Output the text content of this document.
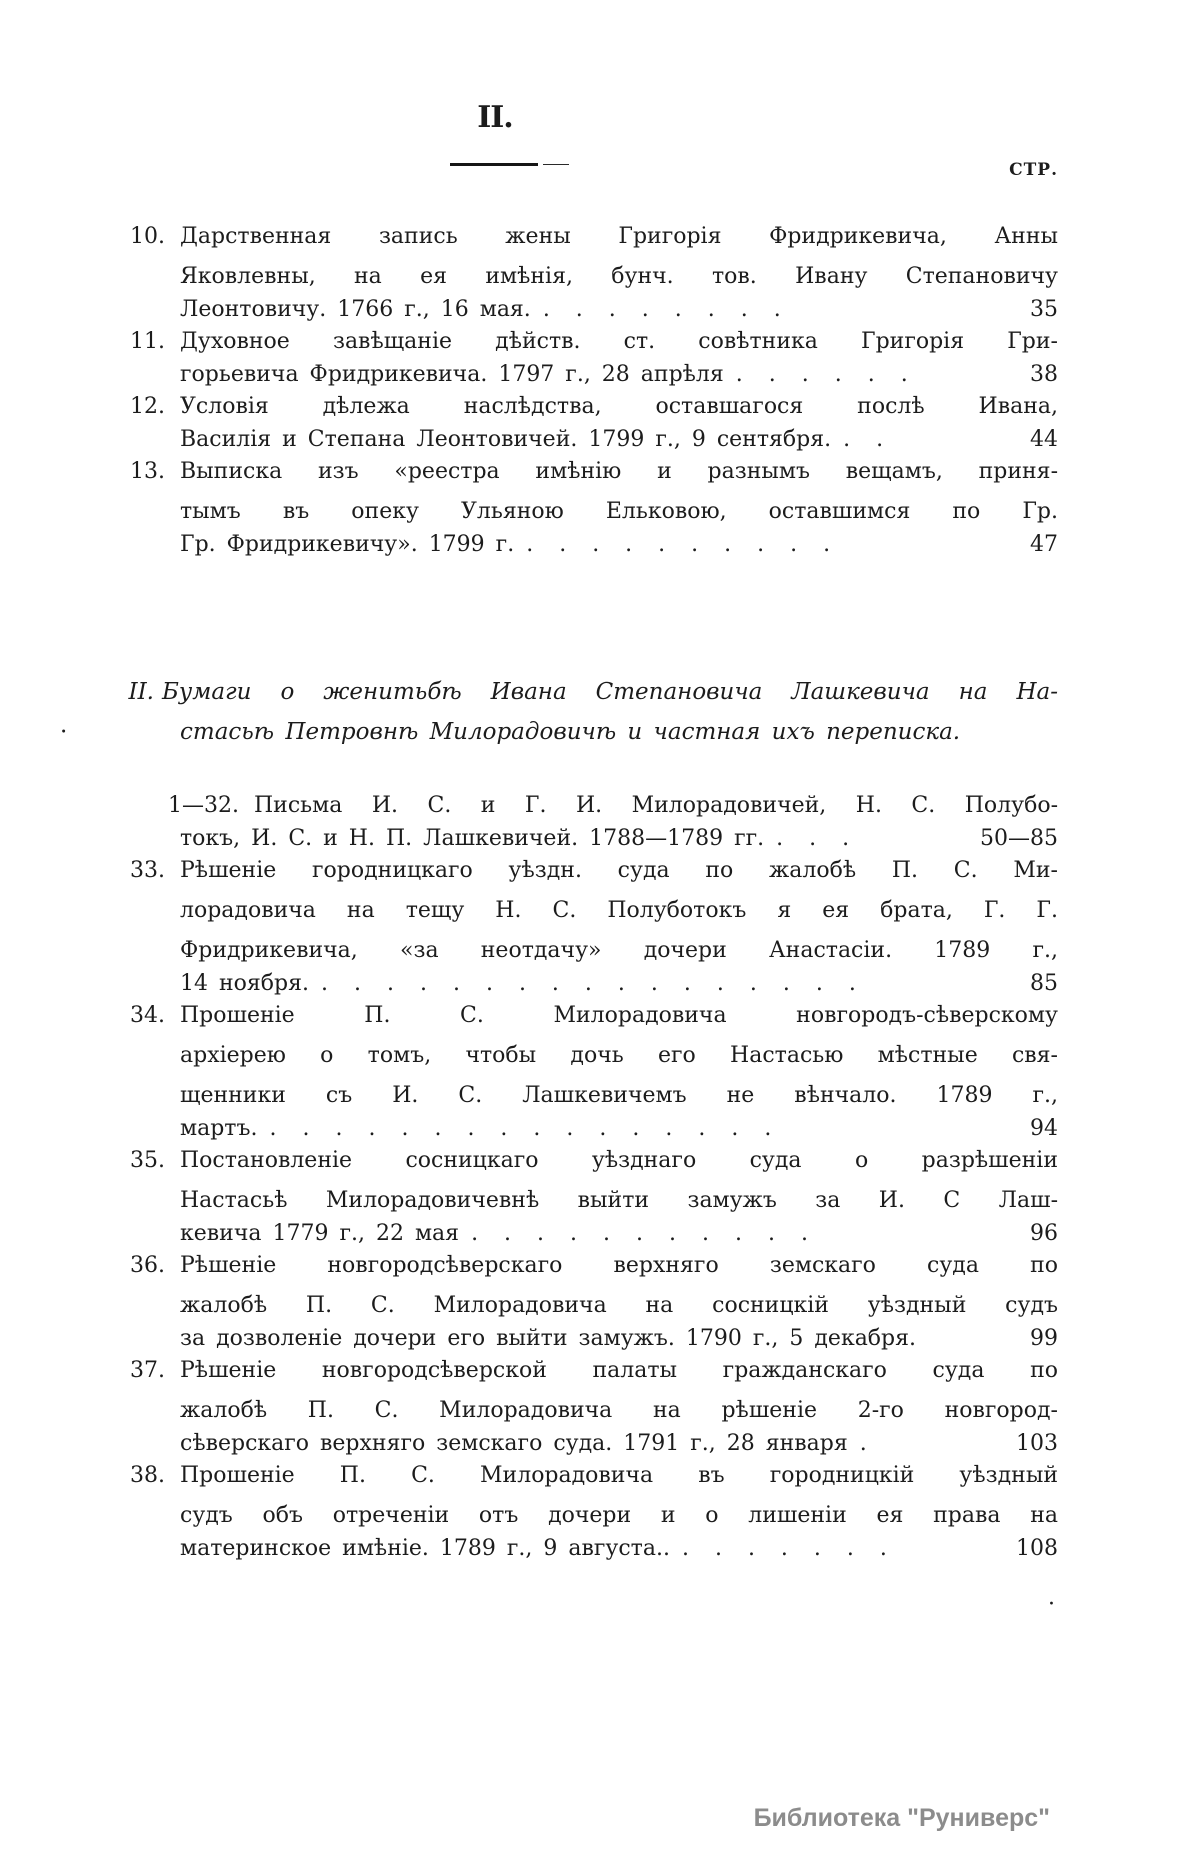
II.
СТР.
10. Дарственная запись жены Григорія Фридрикевича, Анны
Яковлевны, на ея имѣнія, бунч. тов. Ивану Степановичу
Леонтовичу. 1766 г., 16 мая. ........	35
11. Духовное завѣщаніе дѣйств. ст. совѣтника Григорія Гри-
горьевича Фридрикевича. 1797 г., 28 апрѣля ......	38
12. Условія дѣлежа наслѣдства, оставшагося послѣ Ивана,
Василія и Степана Леонтовичей. 1799 г., 9 сентября. ..	44
13. Выписка изъ «реестра имѣнію и разнымъ вещамъ, приня-
тымъ въ опеку Ульяною Ельковою, оставшимся по Гр.
Гр. Фридрикевичу». 1799 г. ..........	47
II. Бумаги о женитьбѣ Ивана Степановича Лашкевича на На-
·	стасьѣ Петровнѣ Милорадовичѣ и частная ихъ переписка.
·
1—32. Письма И. С. и Г. И. Милорадовичей, Н. С. Полубо-
токъ, И. С. и Н. П. Лашкевичей. 1788—1789 гг. ...	50—85
33. Рѣшеніе городницкаго уѣздн. суда по жалобѣ П. С. Ми-
лорадовича на тещу Н. С. Полуботокъ я ея брата, Г. Г.
Фридрикевича, «за неотдачу» дочери Анастасіи. 1789 г.,
14 ноября. .................	85
34. Прошеніе П. С. Милорадовича новгородъ-сѣверскому
архіерею о томъ, чтобы дочь его Настасью мѣстные свя-
щенники съ И. С. Лашкевичемъ не вѣнчало. 1789 г.,
мартъ. ................	94
35. Постановленіе сосницкаго уѣзднаго суда о разрѣшеніи
Настасьѣ Милорадовичевнѣ выйти замужъ за И. С Лаш-
кевича 1779 г., 22 мая ...........	96
36. Рѣшеніе новгородсѣверскаго верхняго земскаго суда по
жалобѣ П. С. Милорадовича на сосницкій уѣздный судъ
за дозволеніе дочери его выйти замужъ. 1790 г., 5 декабря.	99
37. Рѣшеніе новгородсѣверской палаты гражданскаго суда по
жалобѣ П. С. Милорадовича на рѣшеніе 2-го новгород-
сѣверскаго верхняго земскаго суда. 1791 г., 28 января .	103
38. Прошеніе П. С. Милорадовича въ городницкій уѣздный
судъ объ отреченіи отъ дочери и о лишеніи ея права на
материнское имѣніе. 1789 г., 9 августа.. .......	108
Библиотека "Руниверс"
